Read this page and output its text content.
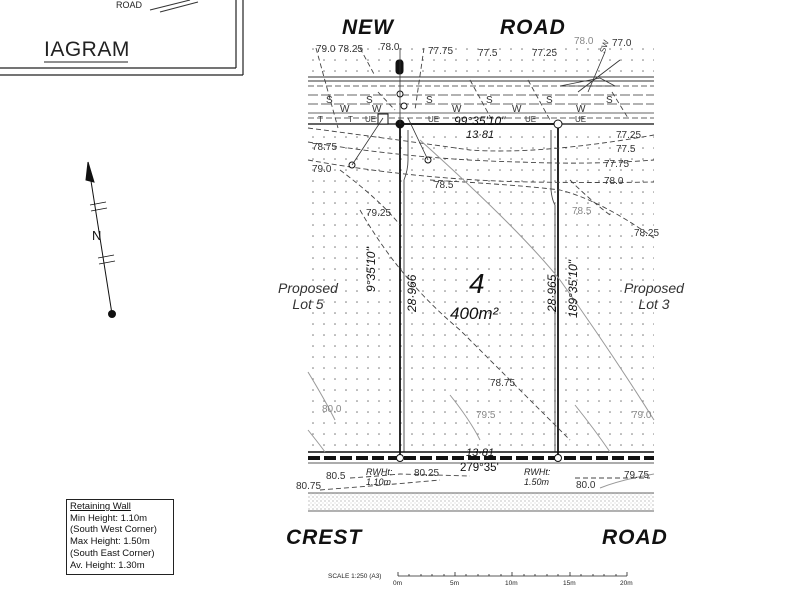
ROAD
IAGRAM
N
NEW	ROAD
CREST	ROAD
4
400m²
Proposed
Lot 5
Proposed
Lot 3
99°35'10"
13·81
9°35'10"
28·966	28·965 189°35'10"
13·81
279°35'
79.0 78.25 78.0	77.75 77.5	77.25
78.0 77.0
77.25
77.5
77.75
78.0
78.75
79.0
78.5
79.25	78.5
78.25
78.75
79.5
80.0
79.0
80.5	80.25
80.0
79.75
80.75
S	S	S	S	S	S
W W	W	W	W
T	T UE	UE	UE	UE
SW
RWHt:
1.10m
RWHt:
1.50m
Retaining Wall
Min Height: 1.10m
(South West Corner)
Max Height: 1.50m
(South East Corner)
Av. Height: 1.30m
SCALE 1:250 (A3)
0m	5m	10m	15m	20m
